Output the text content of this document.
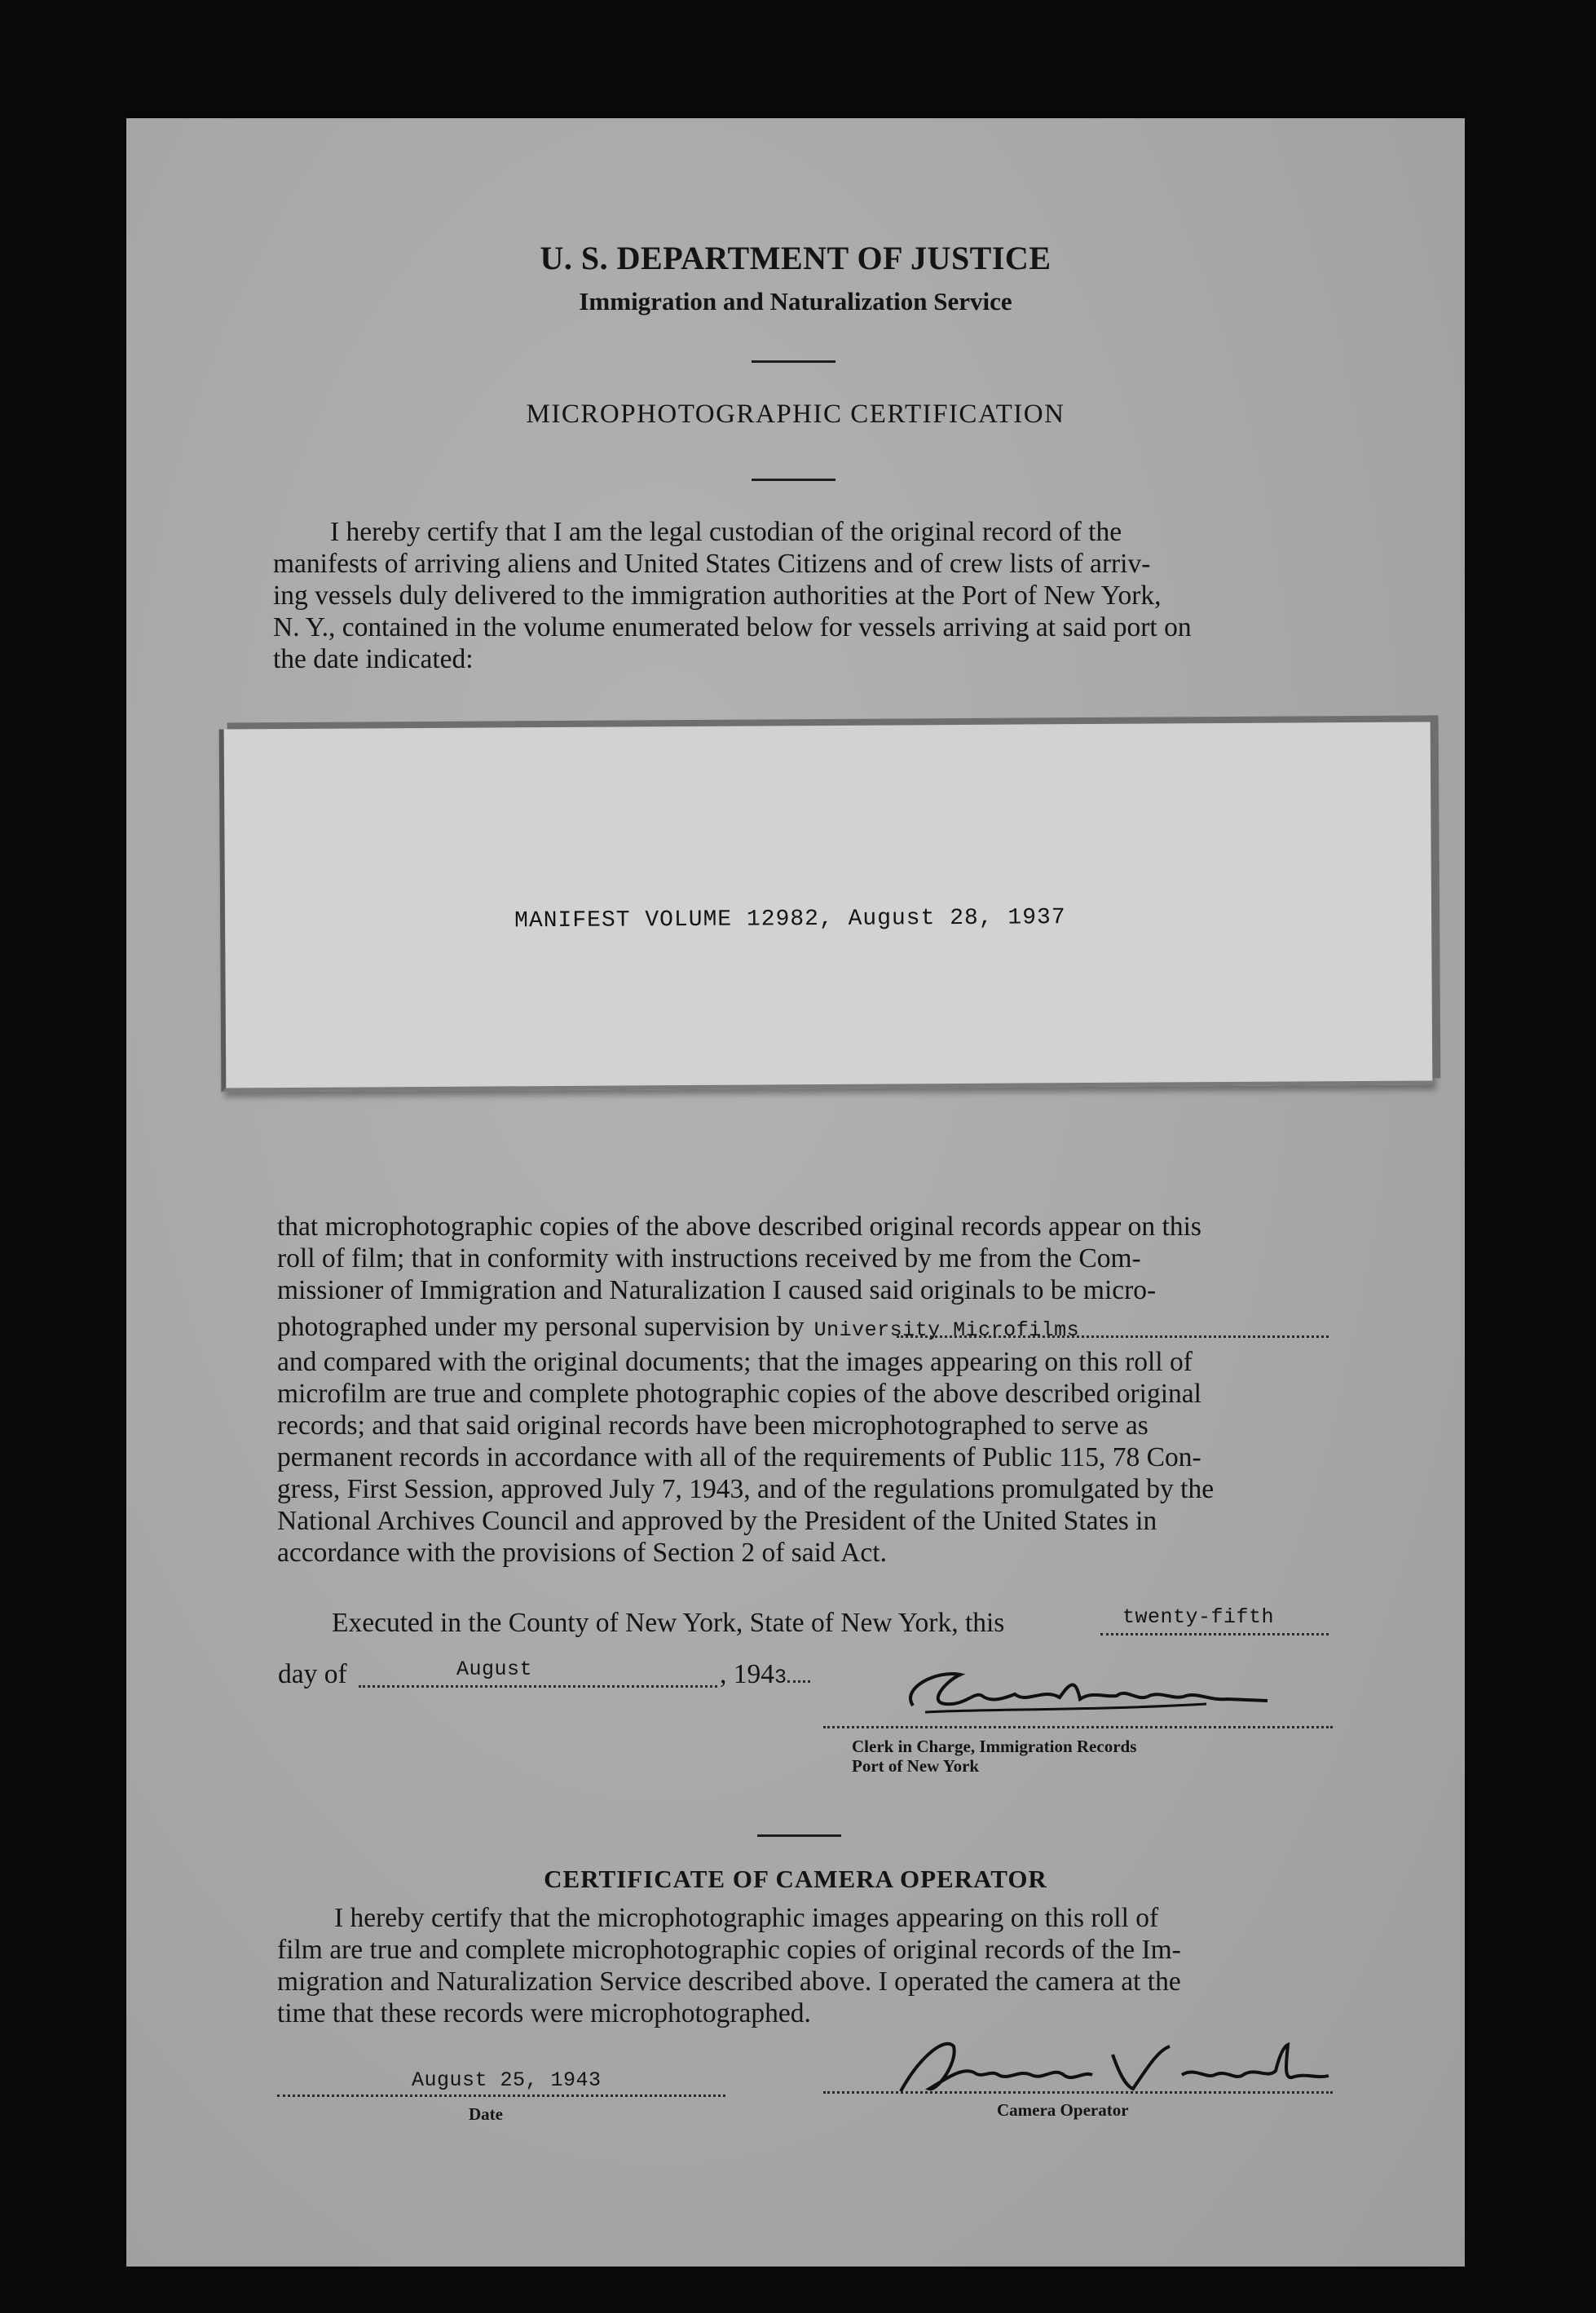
U. S. DEPARTMENT OF JUSTICE
Immigration and Naturalization Service
MICROPHOTOGRAPHIC CERTIFICATION
I hereby certify that I am the legal custodian of the original record of the
manifests of arriving aliens and United States Citizens and of crew lists of arriv-
ing vessels duly delivered to the immigration authorities at the Port of New York,
N. Y., contained in the volume enumerated below for vessels arriving at said port on
the date indicated:
MANIFEST VOLUME 12982, August 28, 1937
that microphotographic copies of the above described original records appear on this
roll of film; that in conformity with instructions received by me from the Com-
missioner of Immigration and Naturalization I caused said originals to be micro-
photographed under my personal supervision by University Microfilms
and compared with the original documents; that the images appearing on this roll of
microfilm are true and complete photographic copies of the above described original
records; and that said original records have been microphotographed to serve as
permanent records in accordance with all of the requirements of Public 115, 78 Con-
gress, First Session, approved July 7, 1943, and of the regulations promulgated by the
National Archives Council and approved by the President of the United States in
accordance with the provisions of Section 2 of said Act.
Executed in the County of New York, State of New York, this	twenty-fifth
day of	August	, 1943
Clerk in Charge, Immigration Records
Port of New York
CERTIFICATE OF CAMERA OPERATOR
I hereby certify that the microphotographic images appearing on this roll of
film are true and complete microphotographic copies of original records of the Im-
migration and Naturalization Service described above. I operated the camera at the
time that these records were microphotographed.
August 25, 1943
Date	Camera Operator
